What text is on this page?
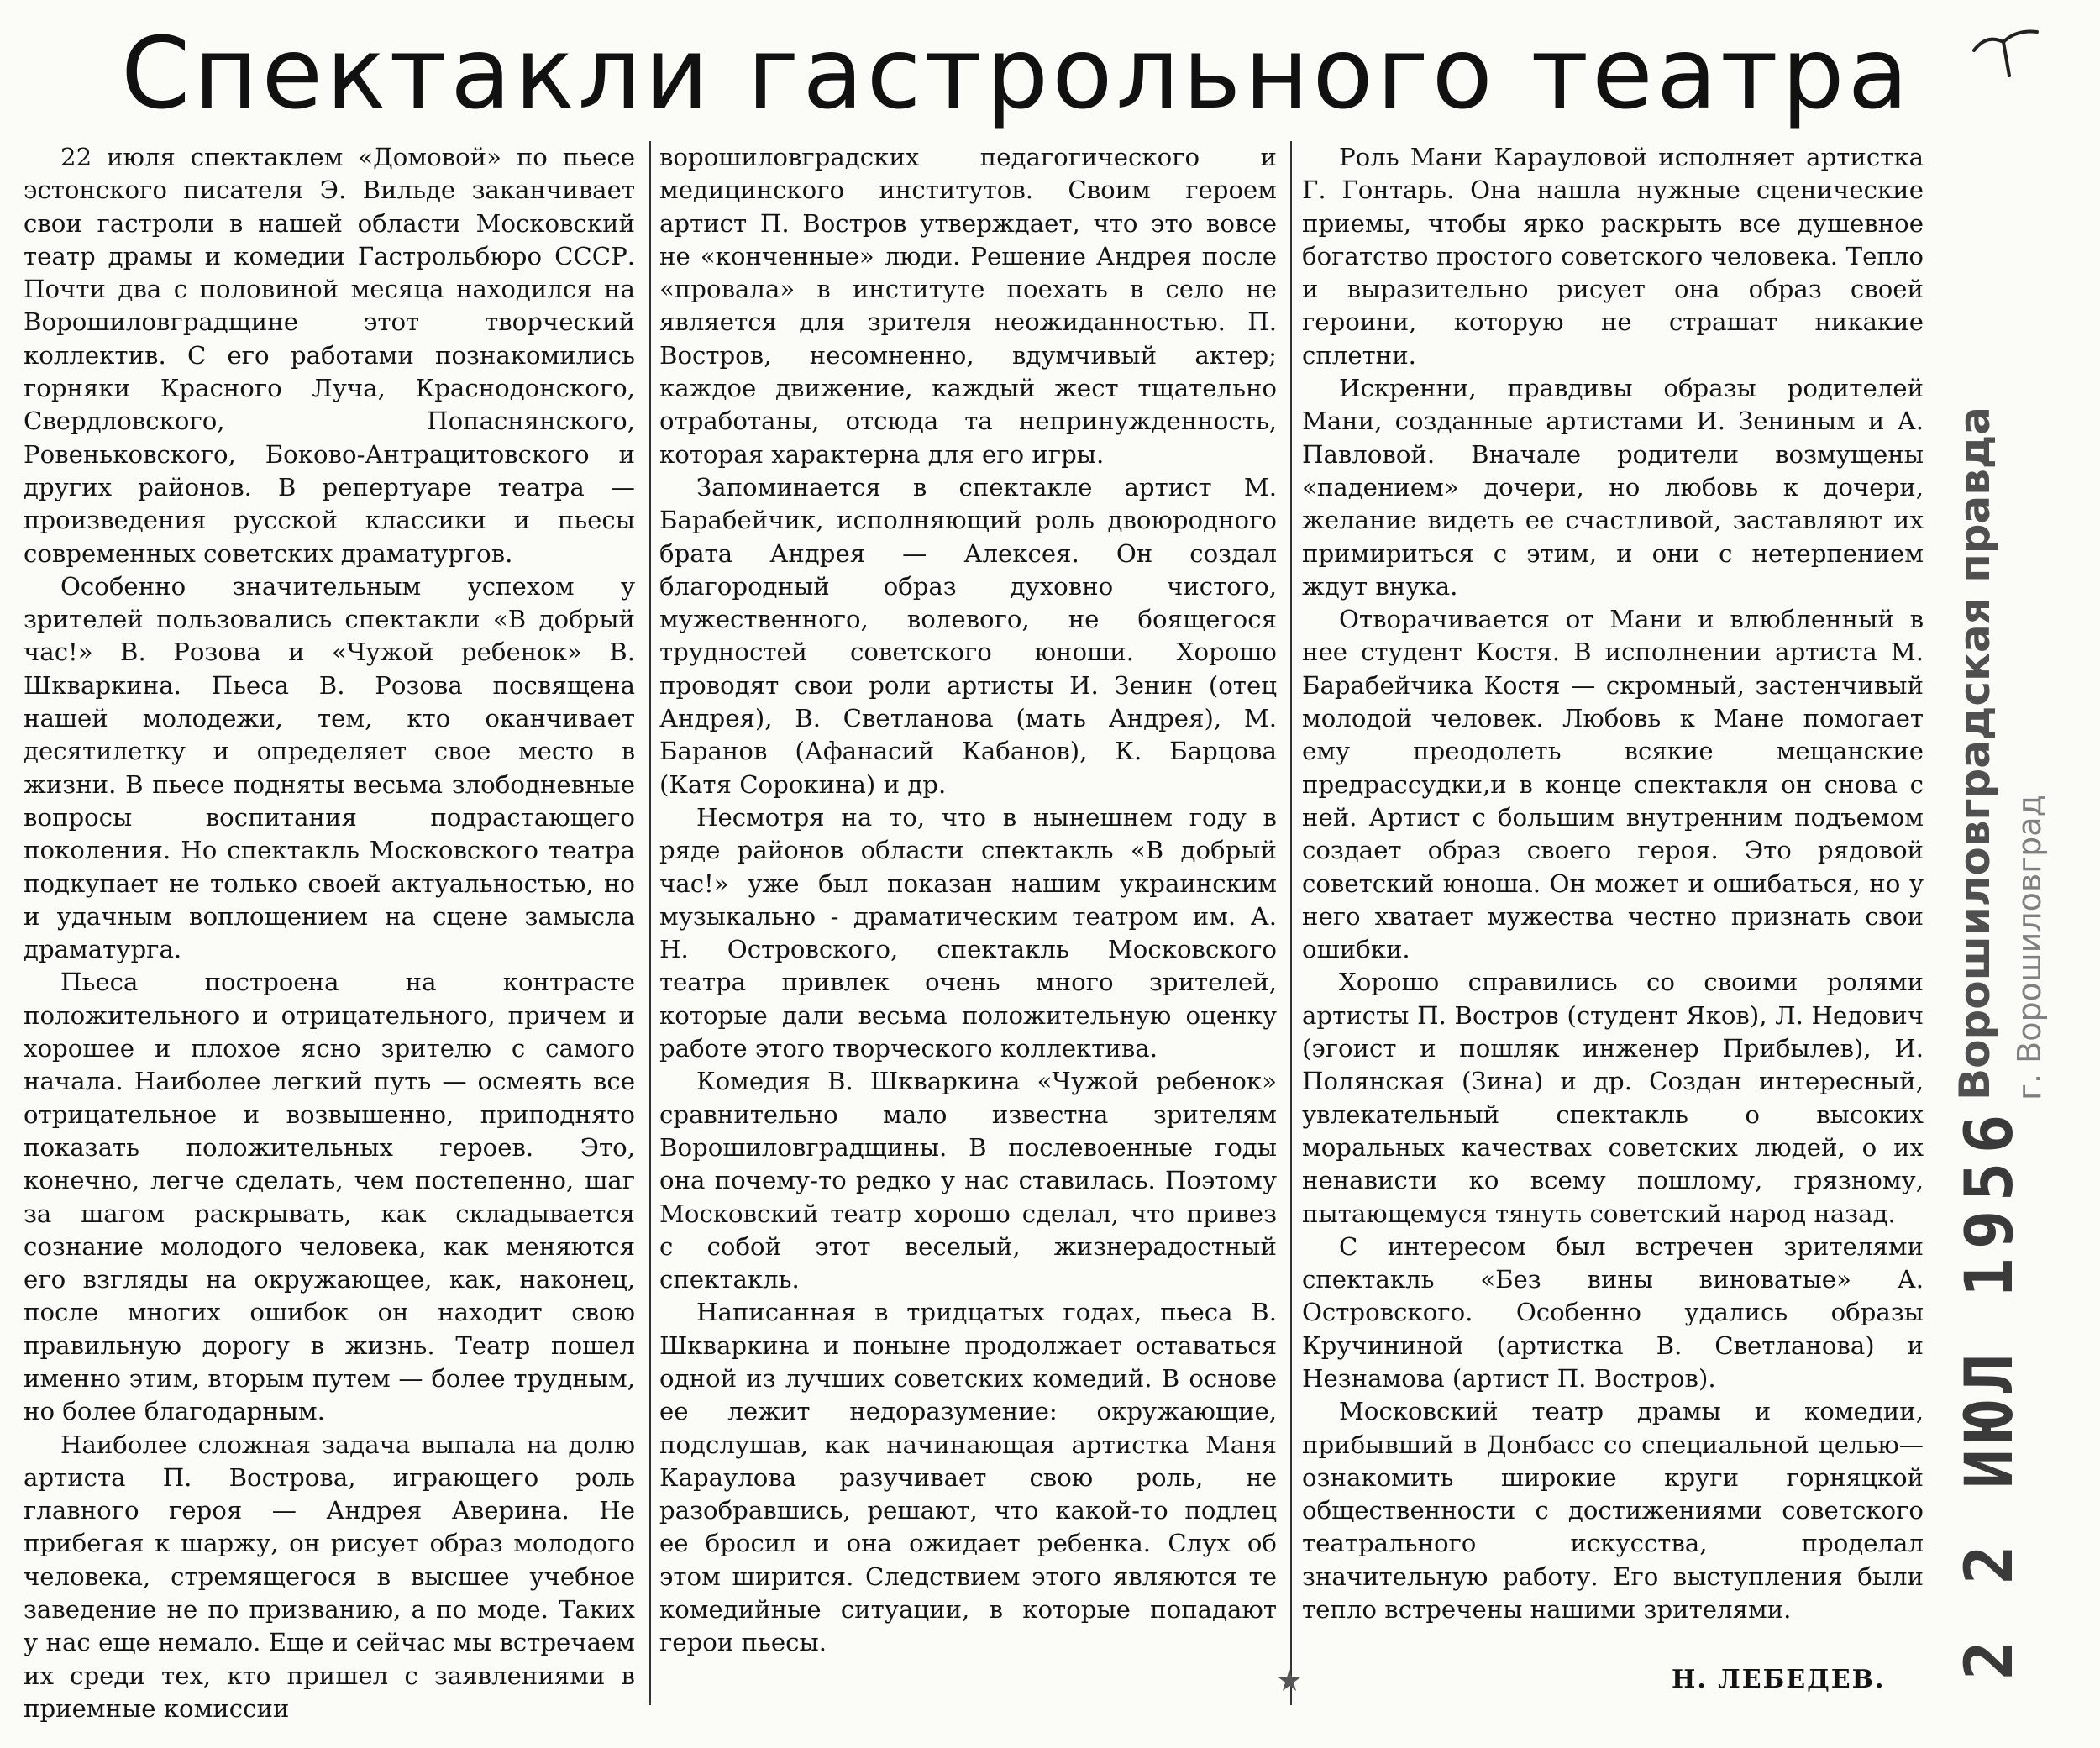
Спектакли гастрольного театра

22 июля спектаклем «Домовой» по пьесе эстонского писателя Э. Вильде заканчивает свои гастроли в нашей области Московский театр драмы и комедии Гастрольбюро СССР. Почти два с половиной месяца находился на Ворошиловградщине этот творческий коллектив. С его работами познакомились горняки Красного Луча, Краснодонского, Свердловского, Попаснянского, Ровеньковского, Боково-Антрацитовского и других районов. В репертуаре театра — произведения русской классики и пьесы современных советских драматургов.

Особенно значительным успехом у зрителей пользовались спектакли «В добрый час!» В. Розова и «Чужой ребенок» В. Шкваркина. Пьеса В. Розова посвящена нашей молодежи, тем, кто оканчивает десятилетку и определяет свое место в жизни. В пьесе подняты весьма злободневные вопросы воспитания подрастающего поколения. Но спектакль Московского театра подкупает не только своей актуальностью, но и удачным воплощением на сцене замысла драматурга.

Пьеса построена на контрасте положительного и отрицательного, причем и хорошее и плохое ясно зрителю с самого начала. Наиболее легкий путь — осмеять все отрицательное и возвышенно, приподнято показать положительных героев. Это, конечно, легче сделать, чем постепенно, шаг за шагом раскрывать, как складывается сознание молодого человека, как меняются его взгляды на окружающее, как, наконец, после многих ошибок он находит свою правильную дорогу в жизнь. Театр пошел именно этим, вторым путем — более трудным, но более благодарным.

Наиболее сложная задача выпала на долю артиста П. Вострова, играющего роль главного героя — Андрея Аверина. Не прибегая к шаржу, он рисует образ молодого человека, стремящегося в высшее учебное заведение не по призванию, а по моде. Таких у нас еще немало. Еще и сейчас мы встречаем их среди тех, кто пришел с заявлениями в приемные комиссии

ворошиловградских педагогического и медицинского институтов. Своим героем артист П. Востров утверждает, что это вовсе не «конченные» люди. Решение Андрея после «провала» в институте поехать в село не является для зрителя неожиданностью. П. Востров, несомненно, вдумчивый актер; каждое движение, каждый жест тщательно отработаны, отсюда та непринужденность, которая характерна для его игры.

Запоминается в спектакле артист М. Барабейчик, исполняющий роль двоюродного брата Андрея — Алексея. Он создал благородный образ духовно чистого, мужественного, волевого, не боящегося трудностей советского юноши. Хорошо проводят свои роли артисты И. Зенин (отец Андрея), В. Светланова (мать Андрея), М. Баранов (Афанасий Кабанов), К. Барцова (Катя Сорокина) и др.

Несмотря на то, что в нынешнем году в ряде районов области спектакль «В добрый час!» уже был показан нашим украинским музыкально - драматическим театром им. А. Н. Островского, спектакль Московского театра привлек очень много зрителей, которые дали весьма положительную оценку работе этого творческого коллектива.

Комедия В. Шкваркина «Чужой ребенок» сравнительно мало известна зрителям Ворошиловградщины. В послевоенные годы она почему-то редко у нас ставилась. Поэтому Московский театр хорошо сделал, что привез с собой этот веселый, жизнерадостный спектакль.

Написанная в тридцатых годах, пьеса В. Шкваркина и поныне продолжает оставаться одной из лучших советских комедий. В основе ее лежит недоразумение: окружающие, подслушав, как начинающая артистка Маня Караулова разучивает свою роль, не разобравшись, решают, что какой-то подлец ее бросил и она ожидает ребенка. Слух об этом ширится. Следствием этого являются те комедийные ситуации, в которые попадают герои пьесы.

Роль Мани Карауловой исполняет артистка Г. Гонтарь. Она нашла нужные сценические приемы, чтобы ярко раскрыть все душевное богатство простого советского человека. Тепло и выразительно рисует она образ своей героини, которую не страшат никакие сплетни.

Искренни, правдивы образы родителей Мани, созданные артистами И. Зениным и А. Павловой. Вначале родители возмущены «падением» дочери, но любовь к дочери, желание видеть ее счастливой, заставляют их примириться с этим, и они с нетерпением ждут внука.

Отворачивается от Мани и влюбленный в нее студент Костя. В исполнении артиста М. Барабейчика Костя — скромный, застенчивый молодой человек. Любовь к Мане помогает ему преодолеть всякие мещанские предрассудки,и в конце спектакля он снова с ней. Артист с большим внутренним подъемом создает образ своего героя. Это рядовой советский юноша. Он может и ошибаться, но у него хватает мужества честно признать свои ошибки.

Хорошо справились со своими ролями артисты П. Востров (студент Яков), Л. Недович (эгоист и пошляк инженер Прибылев), И. Полянская (Зина) и др. Создан интересный, увлекательный спектакль о высоких моральных качествах советских людей, о их ненависти ко всему пошлому, грязному, пытающемуся тянуть советский народ назад.

С интересом был встречен зрителями спектакль «Без вины виноватые» А. Островского. Особенно удались образы Кручининой (артистка В. Светланова) и Незнамова (артист П. Востров).

Московский театр драмы и комедии, прибывший в Донбасс со специальной целью—ознакомить широкие круги горняцкой общественности с достижениями советского театрального искусства, проделал значительную работу. Его выступления были тепло встречены нашими зрителями.

Н. ЛЕБЕДЕВ. 2 2 ИЮЛ 1956
Ворошиловградская правда г. Ворошиловград
